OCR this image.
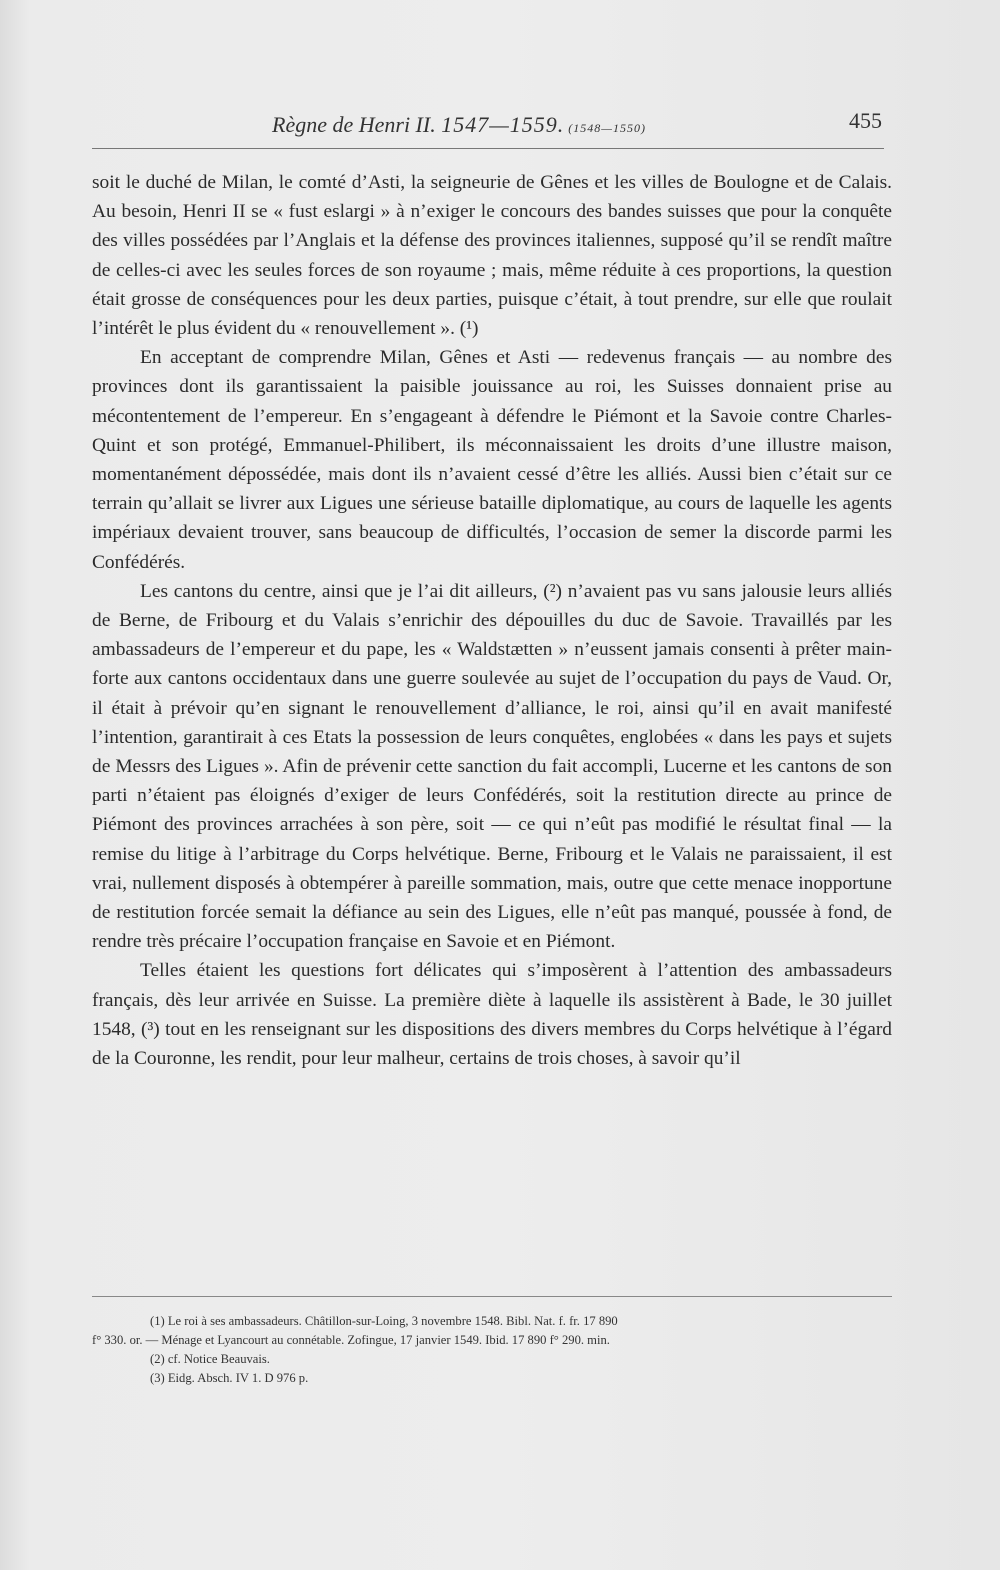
Règne de Henri II. 1547—1559. (1548—1550)	455

soit le duché de Milan, le comté d’Asti, la seigneurie de Gênes et les villes de Boulogne et de Calais. Au besoin, Henri II se « fust eslargi » à n’exiger le concours des bandes suisses que pour la conquête des villes possédées par l’Anglais et la défense des provinces italiennes, supposé qu’il se rendît maître de celles-ci avec les seules forces de son royaume ; mais, même réduite à ces proportions, la question était grosse de conséquences pour les deux parties, puisque c’était, à tout prendre, sur elle que roulait l’intérêt le plus évident du « renouvellement ». (¹)

En acceptant de comprendre Milan, Gênes et Asti — redevenus français — au nombre des provinces dont ils garantissaient la paisible jouissance au roi, les Suisses donnaient prise au mécontentement de l’empereur. En s’engageant à défendre le Piémont et la Savoie contre Charles-Quint et son protégé, Emmanuel-Philibert, ils méconnaissaient les droits d’une illustre maison, momentanément dépossédée, mais dont ils n’avaient cessé d’être les alliés. Aussi bien c’était sur ce terrain qu’allait se livrer aux Ligues une sérieuse bataille diplomatique, au cours de laquelle les agents impériaux devaient trouver, sans beaucoup de difficultés, l’occasion de semer la discorde parmi les Confédérés.

Les cantons du centre, ainsi que je l’ai dit ailleurs, (²) n’avaient pas vu sans jalousie leurs alliés de Berne, de Fribourg et du Valais s’enrichir des dépouilles du duc de Savoie. Travaillés par les ambassadeurs de l’empereur et du pape, les « Waldstætten » n’eussent jamais consenti à prêter main-forte aux cantons occidentaux dans une guerre soulevée au sujet de l’occupation du pays de Vaud. Or, il était à prévoir qu’en signant le renouvellement d’alliance, le roi, ainsi qu’il en avait manifesté l’intention, garantirait à ces Etats la possession de leurs conquêtes, englobées « dans les pays et sujets de Messrs des Ligues ». Afin de prévenir cette sanction du fait accompli, Lucerne et les cantons de son parti n’étaient pas éloignés d’exiger de leurs Confédérés, soit la restitution directe au prince de Piémont des provinces arrachées à son père, soit — ce qui n’eût pas modifié le résultat final — la remise du litige à l’arbitrage du Corps helvétique. Berne, Fribourg et le Valais ne paraissaient, il est vrai, nullement disposés à obtempérer à pareille sommation, mais, outre que cette menace inopportune de restitution forcée semait la défiance au sein des Ligues, elle n’eût pas manqué, poussée à fond, de rendre très précaire l’occupation française en Savoie et en Piémont.

Telles étaient les questions fort délicates qui s’imposèrent à l’attention des ambassadeurs français, dès leur arrivée en Suisse. La première diète à laquelle ils assistèrent à Bade, le 30 juillet 1548, (³) tout en les renseignant sur les dispositions des divers membres du Corps helvétique à l’égard de la Couronne, les rendit, pour leur malheur, certains de trois choses, à savoir qu’il

(1) Le roi à ses ambassadeurs. Châtillon-sur-Loing, 3 novembre 1548. Bibl. Nat. f. fr. 17 890

f° 330. or. — Ménage et Lyancourt au connétable. Zofingue, 17 janvier 1549. Ibid. 17 890 f° 290. min.

(2) cf. Notice Beauvais.

(3) Eidg. Absch. IV 1. D 976 p.
